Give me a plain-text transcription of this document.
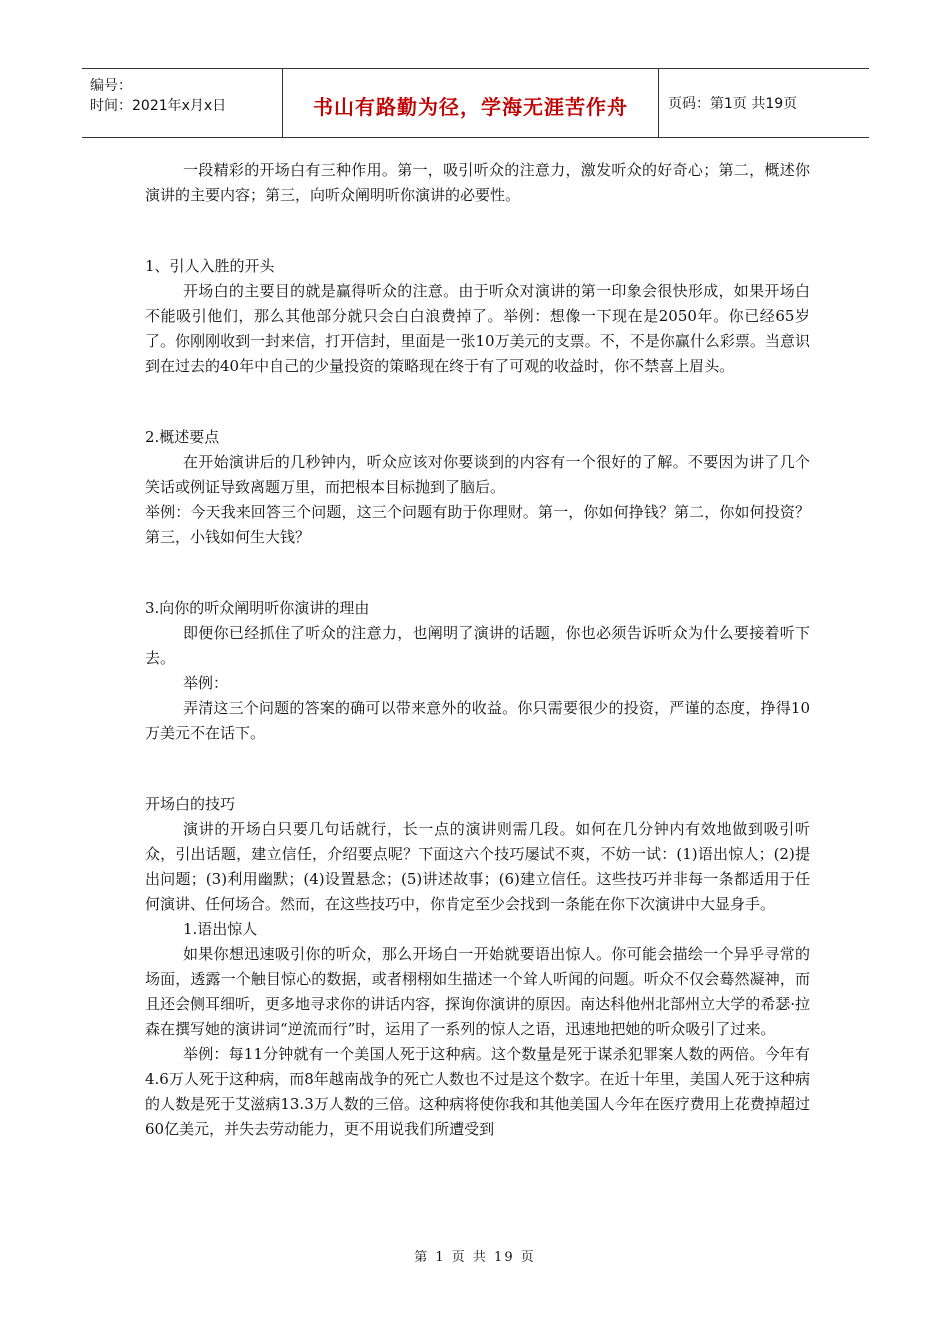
编号：
时间：2021年x月x日	书山有路勤为径，学海无涯苦作舟	页码：第1页 共19页

一段精彩的开场白有三种作用。第一，吸引听众的注意力，激发听众的好奇心；第二，概述你演讲的主要内容；第三，向听众阐明听你演讲的必要性。

1、引人入胜的开头

开场白的主要目的就是赢得听众的注意。由于听众对演讲的第一印象会很快形成，如果开场白不能吸引他们，那么其他部分就只会白白浪费掉了。举例：想像一下现在是2050年。你已经65岁了。你刚刚收到一封来信，打开信封，里面是一张10万美元的支票。不，不是你赢什么彩票。当意识到在过去的40年中自己的少量投资的策略现在终于有了可观的收益时，你不禁喜上眉头。

2.概述要点

在开始演讲后的几秒钟内，听众应该对你要谈到的内容有一个很好的了解。不要因为讲了几个笑话或例证导致离题万里，而把根本目标抛到了脑后。

举例：今天我来回答三个问题，这三个问题有助于你理财。第一，你如何挣钱？第二，你如何投资？第三，小钱如何生大钱？

3.向你的听众阐明听你演讲的理由

即便你已经抓住了听众的注意力，也阐明了演讲的话题，你也必须告诉听众为什么要接着听下去。

举例：

弄清这三个问题的答案的确可以带来意外的收益。你只需要很少的投资，严谨的态度，挣得10万美元不在话下。

开场白的技巧

演讲的开场白只要几句话就行，长一点的演讲则需几段。如何在几分钟内有效地做到吸引听众，引出话题，建立信任，介绍要点呢？下面这六个技巧屡试不爽，不妨一试：(1)语出惊人；(2)提出问题；(3)利用幽默；(4)设置悬念；(5)讲述故事；(6)建立信任。这些技巧并非每一条都适用于任何演讲、任何场合。然而，在这些技巧中，你肯定至少会找到一条能在你下次演讲中大显身手。

1.语出惊人

如果你想迅速吸引你的听众，那么开场白一开始就要语出惊人。你可能会描绘一个异乎寻常的场面，透露一个触目惊心的数据，或者栩栩如生描述一个耸人听闻的问题。听众不仅会蓦然凝神，而且还会侧耳细听，更多地寻求你的讲话内容，探询你演讲的原因。南达科他州北部州立大学的希瑟·拉森在撰写她的演讲词“逆流而行”时，运用了一系列的惊人之语，迅速地把她的听众吸引了过来。

举例：每11分钟就有一个美国人死于这种病。这个数量是死于谋杀犯罪案人数的两倍。今年有4.6万人死于这种病，而8年越南战争的死亡人数也不过是这个数字。在近十年里，美国人死于这种病的人数是死于艾滋病13.3万人数的三倍。这种病将使你我和其他美国人今年在医疗费用上花费掉超过60亿美元，并失去劳动能力，更不用说我们所遭受到

第 1 页 共 19 页
